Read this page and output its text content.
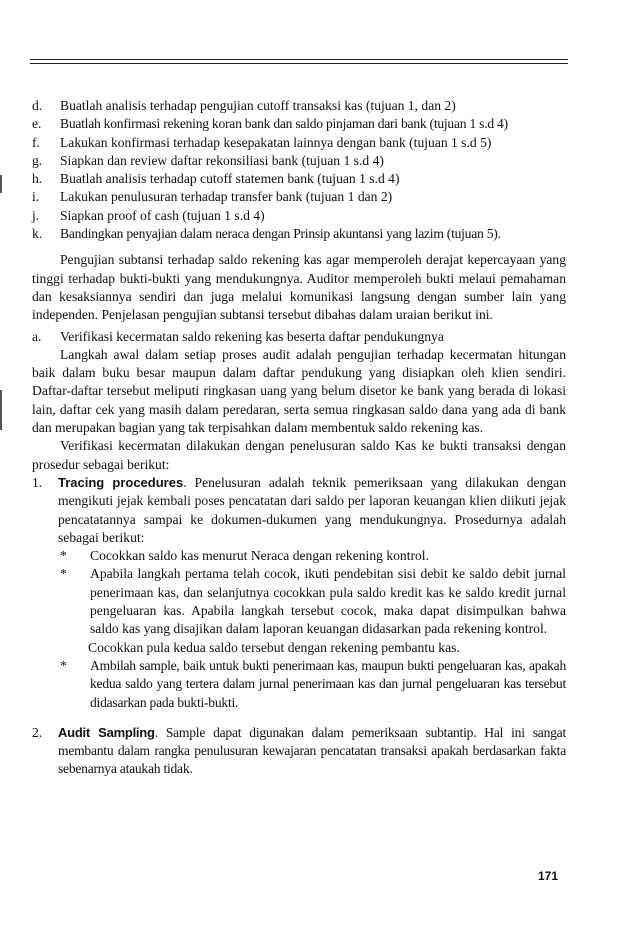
d.	Buatlah analisis terhadap pengujian cutoff transaksi kas (tujuan 1, dan 2)
e.	Buatlah konfirmasi rekening koran bank dan saldo pinjaman dari bank (tujuan 1 s.d 4)
f.	Lakukan konfirmasi terhadap kesepakatan lainnya dengan bank (tujuan 1 s.d 5)
g.	Siapkan dan review daftar rekonsiliasi bank (tujuan 1 s.d 4)
h.	Buatlah analisis terhadap cutoff statemen bank (tujuan 1 s.d 4)
i.	Lakukan penulusuran terhadap transfer bank (tujuan 1 dan 2)
j.	Siapkan proof of cash (tujuan 1 s.d 4)
k.	Bandingkan penyajian dalam neraca dengan Prinsip akuntansi yang lazim (tujuan 5).

Pengujian subtansi terhadap saldo rekening kas agar memperoleh derajat kepercayaan yang tinggi terhadap bukti-bukti yang mendukungnya. Auditor memperoleh bukti melaui pemahaman dan kesaksiannya sendiri dan juga melalui komunikasi langsung dengan sumber lain yang independen. Penjelasan pengujian subtansi tersebut dibahas dalam uraian berikut ini.

a.	Verifikasi kecermatan saldo rekening kas beserta daftar pendukungnya

Langkah awal dalam setiap proses audit adalah pengujian terhadap kecermatan hitungan baik dalam buku besar maupun dalam daftar pendukung yang disiapkan oleh klien sendiri. Daftar-daftar tersebut meliputi ringkasan uang yang belum disetor ke bank yang berada di lokasi lain, daftar cek yang masih dalam peredaran, serta semua ringkasan saldo dana yang ada di bank dan merupakan bagian yang tak terpisahkan dalam membentuk saldo rekening kas.

Verifikasi kecermatan dilakukan dengan penelusuran saldo Kas ke bukti transaksi dengan prosedur sebagai berikut:

1.	Tracing procedures. Penelusuran adalah teknik pemeriksaan yang dilakukan dengan mengikuti jejak kembali poses pencatatan dari saldo per laporan keuangan klien diikuti jejak pencatatannya sampai ke dokumen-dukumen yang mendukungnya. Prosedurnya adalah sebagai berikut:
*	Cocokkan saldo kas menurut Neraca dengan rekening kontrol.
*	Apabila langkah pertama telah cocok, ikuti pendebitan sisi debit ke saldo debit jurnal penerimaan kas, dan selanjutnya cocokkan pula saldo kredit kas ke saldo kredit jurnal pengeluaran kas. Apabila langkah tersebut cocok, maka dapat disimpulkan bahwa saldo kas yang disajikan dalam laporan keuangan didasarkan pada rekening kontrol.
Cocokkan pula kedua saldo tersebut dengan rekening pembantu kas.
*	Ambilah sample, baik untuk bukti penerimaan kas, maupun bukti pengeluaran kas, apakah kedua saldo yang tertera dalam jurnal penerimaan kas dan jurnal pengeluaran kas tersebut didasarkan pada bukti-bukti.
2.	Audit Sampling. Sample dapat digunakan dalam pemeriksaan subtantip. Hal ini sangat membantu dalam rangka penulusuran kewajaran pencatatan transaksi apakah berdasarkan fakta sebenarnya ataukah tidak.
171
